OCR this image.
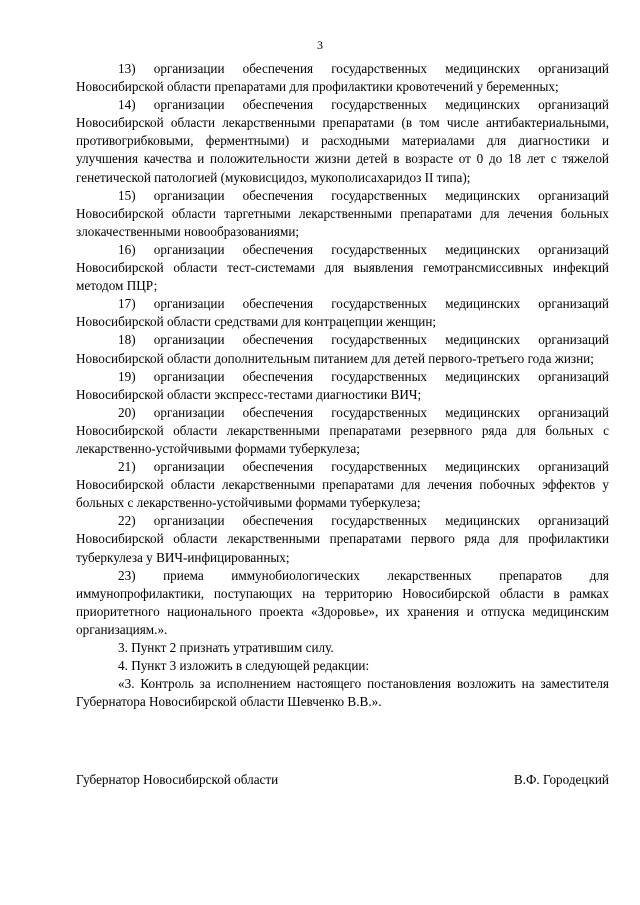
3

13) организации обеспечения государственных медицинских организаций Новосибирской области препаратами для профилактики кровотечений у беременных;

14) организации обеспечения государственных медицинских организаций Новосибирской области лекарственными препаратами (в том числе антибактериальными, противогрибковыми, ферментными) и расходными материалами для диагностики и улучшения качества и положительности жизни детей в возрасте от 0 до 18 лет с тяжелой генетической патологией (муковисцидоз, мукополисахаридоз II типа);

15) организации обеспечения государственных медицинских организаций Новосибирской области таргетными лекарственными препаратами для лечения больных злокачественными новообразованиями;

16) организации обеспечения государственных медицинских организаций Новосибирской области тест-системами для выявления гемотрансмиссивных инфекций методом ПЦР;

17) организации обеспечения государственных медицинских организаций Новосибирской области средствами для контрацепции женщин;

18) организации обеспечения государственных медицинских организаций Новосибирской области дополнительным питанием для детей первого-третьего года жизни;

19) организации обеспечения государственных медицинских организаций Новосибирской области экспресс-тестами диагностики ВИЧ;

20) организации обеспечения государственных медицинских организаций Новосибирской области лекарственными препаратами резервного ряда для больных с лекарственно-устойчивыми формами туберкулеза;

21) организации обеспечения государственных медицинских организаций Новосибирской области лекарственными препаратами для лечения побочных эффектов у больных с лекарственно-устойчивыми формами туберкулеза;

22) организации обеспечения государственных медицинских организаций Новосибирской области лекарственными препаратами первого ряда для профилактики туберкулеза у ВИЧ-инфицированных;

23) приема иммунобиологических лекарственных препаратов для иммунопрофилактики, поступающих на территорию Новосибирской области в рамках приоритетного национального проекта «Здоровье», их хранения и отпуска медицинским организациям.».

3. Пункт 2 признать утратившим силу.

4. Пункт 3 изложить в следующей редакции:

«3. Контроль за исполнением настоящего постановления возложить на заместителя Губернатора Новосибирской области Шевченко В.В.».

Губернатор Новосибирской области	В.Ф. Городецкий
